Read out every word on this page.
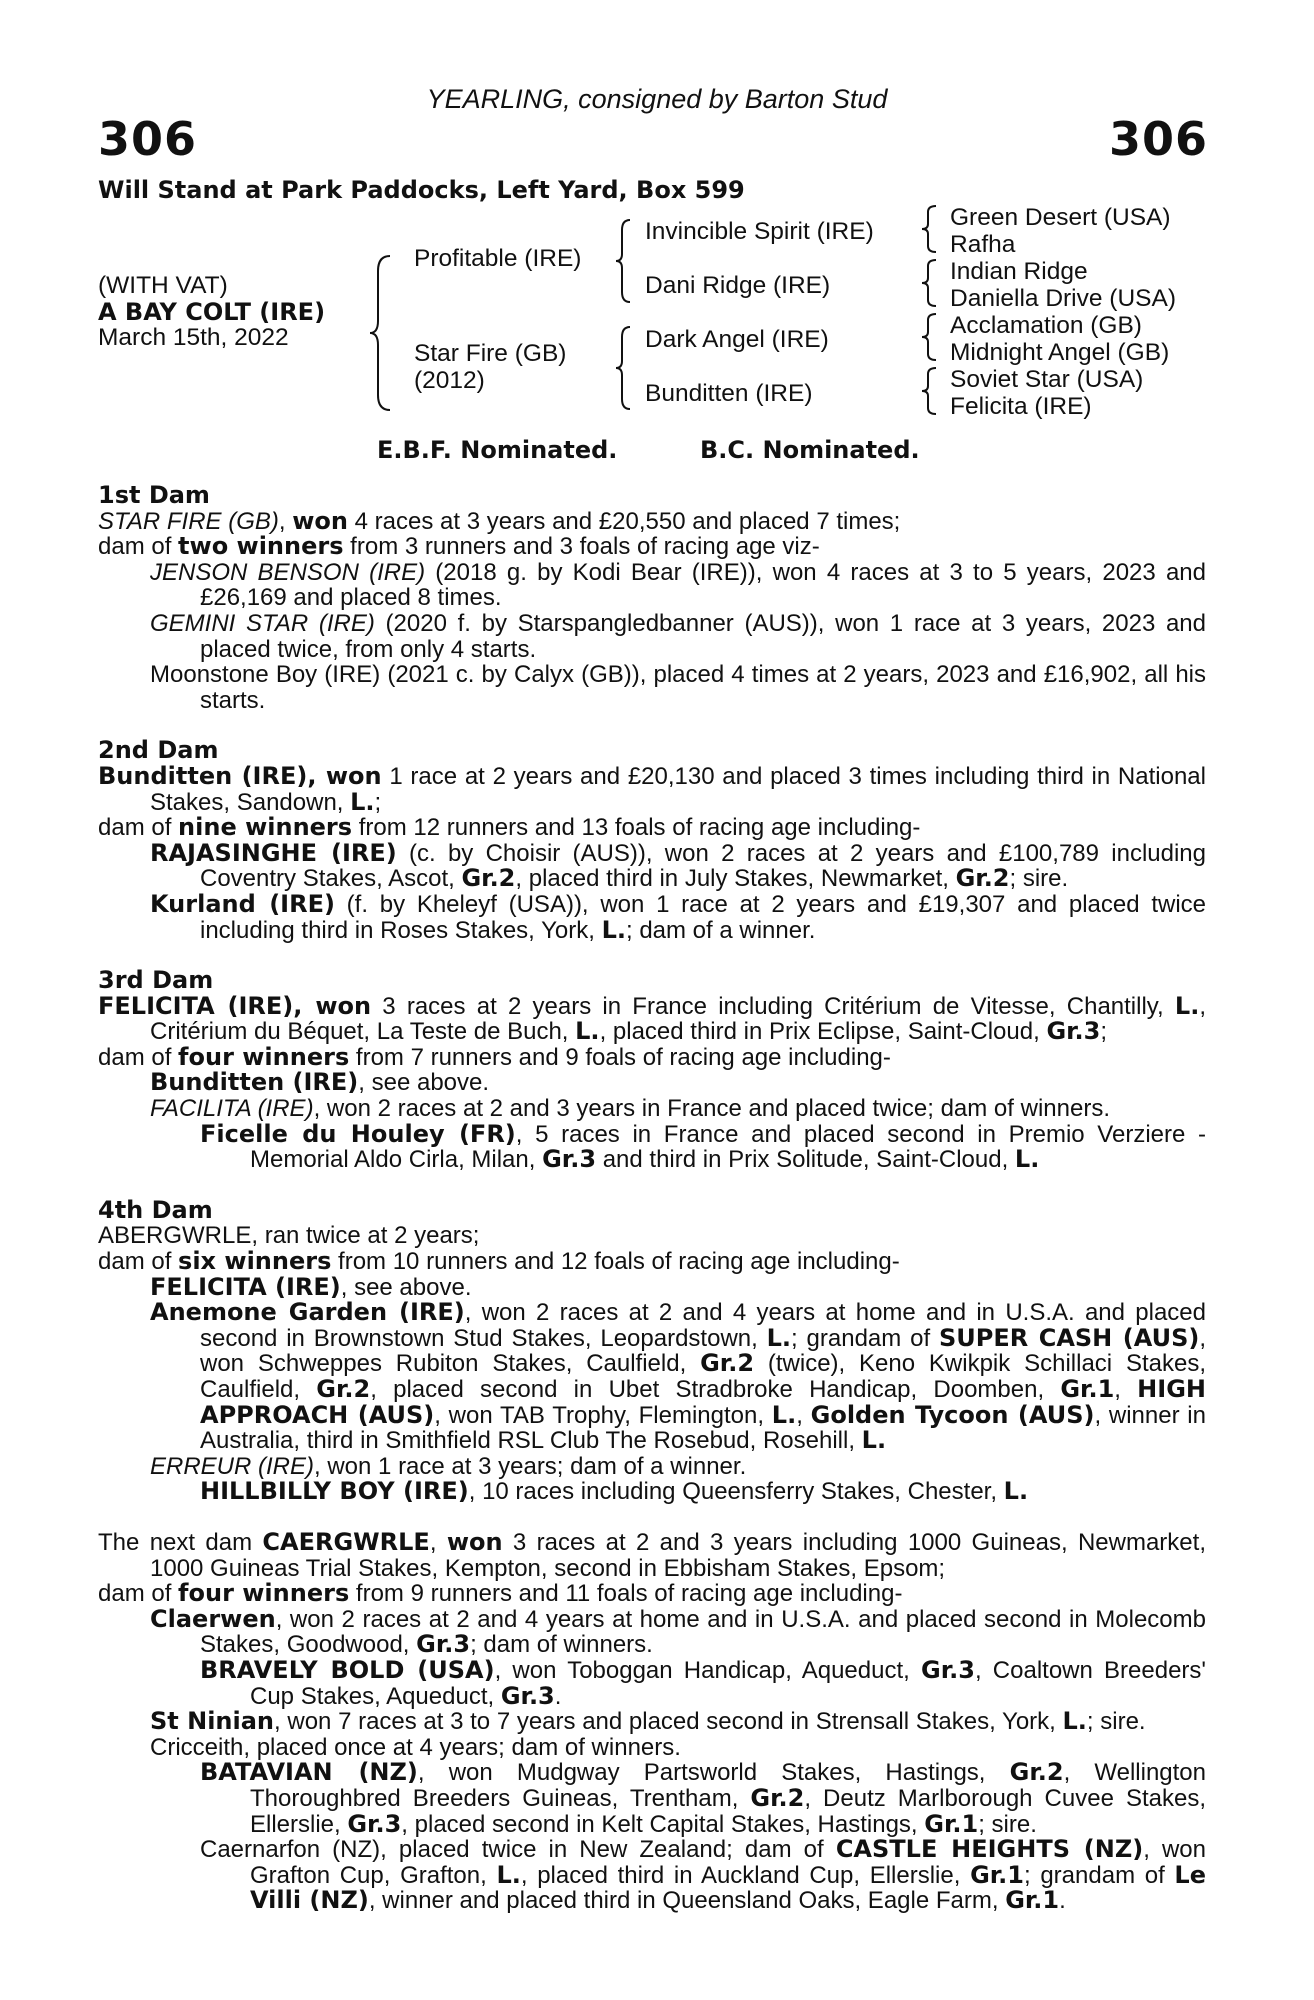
YEARLING, consigned by Barton Stud
306	306
Will Stand at Park Paddocks, Left Yard, Box 599
(WITH VAT)
A BAY COLT (IRE)
March 15th, 2022
Profitable (IRE)
Star Fire (GB)
(2012)
Invincible Spirit (IRE)
Dani Ridge (IRE)
Dark Angel (IRE)
Bunditten (IRE)
Green Desert (USA)
Rafha
Indian Ridge
Daniella Drive (USA)
Acclamation (GB)
Midnight Angel (GB)
Soviet Star (USA)
Felicita (IRE)
E.B.F. Nominated.	B.C. Nominated.

1st Dam

STAR FIRE (GB), won 4 races at 3 years and £20,550 and placed 7 times;

dam of two winners from 3 runners and 3 foals of racing age viz-

JENSON BENSON (IRE) (2018 g. by Kodi Bear (IRE)), won 4 races at 3 to 5 years, 2023 and £26,169 and placed 8 times.

GEMINI STAR (IRE) (2020 f. by Starspangledbanner (AUS)), won 1 race at 3 years, 2023 and placed twice, from only 4 starts.

Moonstone Boy (IRE) (2021 c. by Calyx (GB)), placed 4 times at 2 years, 2023 and £16,902, all his starts.

2nd Dam

Bunditten (IRE), won 1 race at 2 years and £20,130 and placed 3 times including third in National Stakes, Sandown, L.;

dam of nine winners from 12 runners and 13 foals of racing age including-

RAJASINGHE (IRE) (c. by Choisir (AUS)), won 2 races at 2 years and £100,789 including Coventry Stakes, Ascot, Gr.2, placed third in July Stakes, Newmarket, Gr.2; sire.

Kurland (IRE) (f. by Kheleyf (USA)), won 1 race at 2 years and £19,307 and placed twice including third in Roses Stakes, York, L.; dam of a winner.

3rd Dam

FELICITA (IRE), won 3 races at 2 years in France including Critérium de Vitesse, Chantilly, L., Critérium du Béquet, La Teste de Buch, L., placed third in Prix Eclipse, Saint-Cloud, Gr.3;

dam of four winners from 7 runners and 9 foals of racing age including-

Bunditten (IRE), see above.

FACILITA (IRE), won 2 races at 2 and 3 years in France and placed twice; dam of winners.

Ficelle du Houley (FR), 5 races in France and placed second in Premio Verziere - Memorial Aldo Cirla, Milan, Gr.3 and third in Prix Solitude, Saint-Cloud, L.

4th Dam

ABERGWRLE, ran twice at 2 years;

dam of six winners from 10 runners and 12 foals of racing age including-

FELICITA (IRE), see above.

Anemone Garden (IRE), won 2 races at 2 and 4 years at home and in U.S.A. and placed second in Brownstown Stud Stakes, Leopardstown, L.; grandam of SUPER CASH (AUS), won Schweppes Rubiton Stakes, Caulfield, Gr.2 (twice), Keno Kwikpik Schillaci Stakes, Caulfield, Gr.2, placed second in Ubet Stradbroke Handicap, Doomben, Gr.1, HIGH APPROACH (AUS), won TAB Trophy, Flemington, L., Golden Tycoon (AUS), winner in Australia, third in Smithfield RSL Club The Rosebud, Rosehill, L.

ERREUR (IRE), won 1 race at 3 years; dam of a winner.

HILLBILLY BOY (IRE), 10 races including Queensferry Stakes, Chester, L.

The next dam CAERGWRLE, won 3 races at 2 and 3 years including 1000 Guineas, Newmarket, 1000 Guineas Trial Stakes, Kempton, second in Ebbisham Stakes, Epsom;

dam of four winners from 9 runners and 11 foals of racing age including-

Claerwen, won 2 races at 2 and 4 years at home and in U.S.A. and placed second in Molecomb Stakes, Goodwood, Gr.3; dam of winners.

BRAVELY BOLD (USA), won Toboggan Handicap, Aqueduct, Gr.3, Coaltown Breeders' Cup Stakes, Aqueduct, Gr.3.

St Ninian, won 7 races at 3 to 7 years and placed second in Strensall Stakes, York, L.; sire.

Cricceith, placed once at 4 years; dam of winners.

BATAVIAN (NZ), won Mudgway Partsworld Stakes, Hastings, Gr.2, Wellington Thoroughbred Breeders Guineas, Trentham, Gr.2, Deutz Marlborough Cuvee Stakes, Ellerslie, Gr.3, placed second in Kelt Capital Stakes, Hastings, Gr.1; sire.

Caernarfon (NZ), placed twice in New Zealand; dam of CASTLE HEIGHTS (NZ), won Grafton Cup, Grafton, L., placed third in Auckland Cup, Ellerslie, Gr.1; grandam of Le Villi (NZ), winner and placed third in Queensland Oaks, Eagle Farm, Gr.1.
